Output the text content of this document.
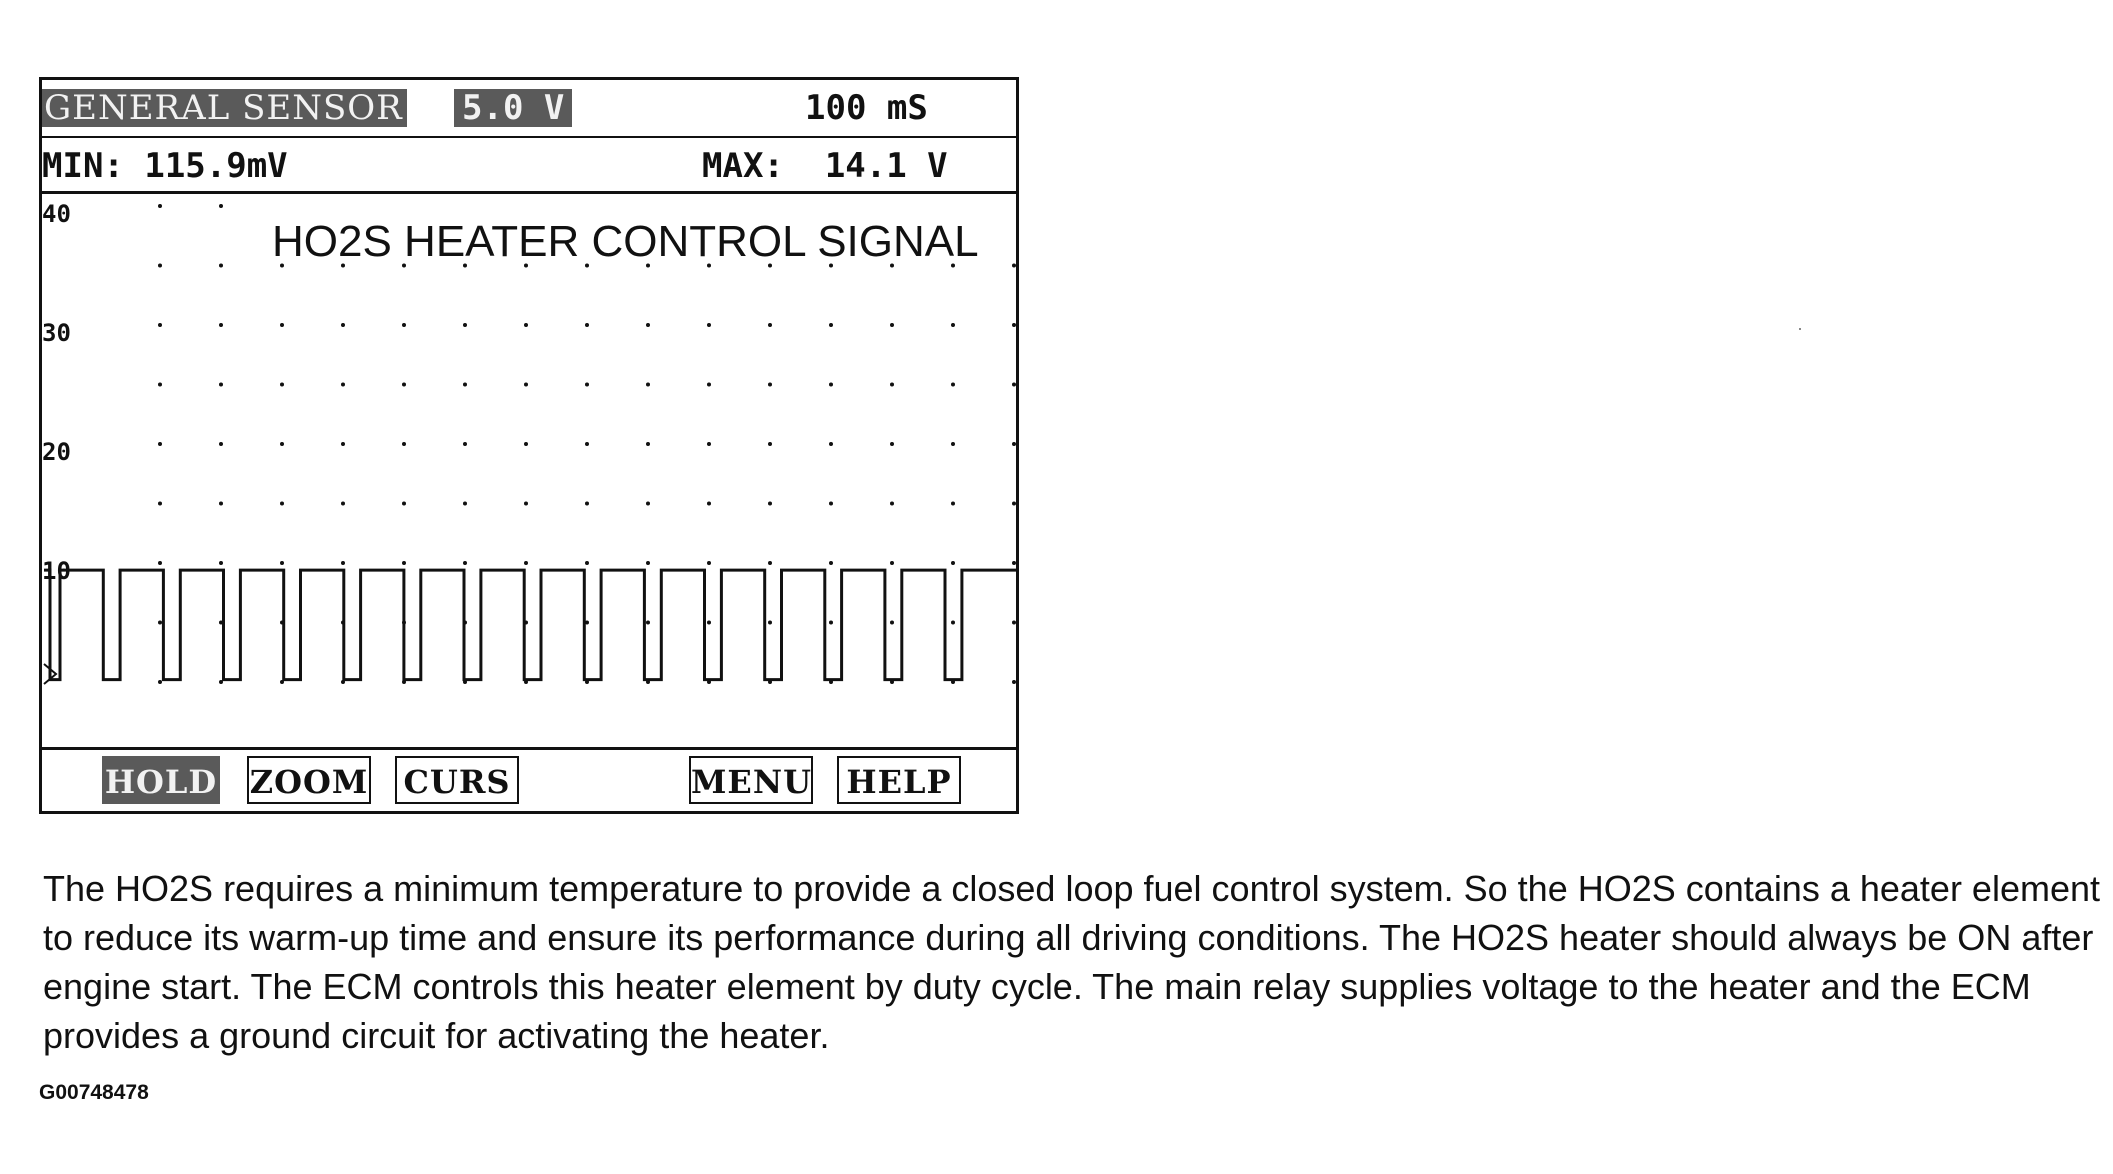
GENERAL SENSOR 5.0 V	100 mS
MIN: 115.9mV	MAX:  14.1 V
40
30
20
10
HO2S HEATER CONTROL SIGNAL
HOLD ZOOM CURS	MENU HELP

The HO2S requires a minimum temperature to provide a closed loop fuel control system. So the HO2S contains a heater element to reduce its warm-up time and ensure its performance during all driving conditions. The HO2S heater should always be ON after engine start. The ECM controls this heater element by duty cycle. The main relay supplies voltage to the heater and the ECM provides a ground circuit for activating the heater.

G00748478
